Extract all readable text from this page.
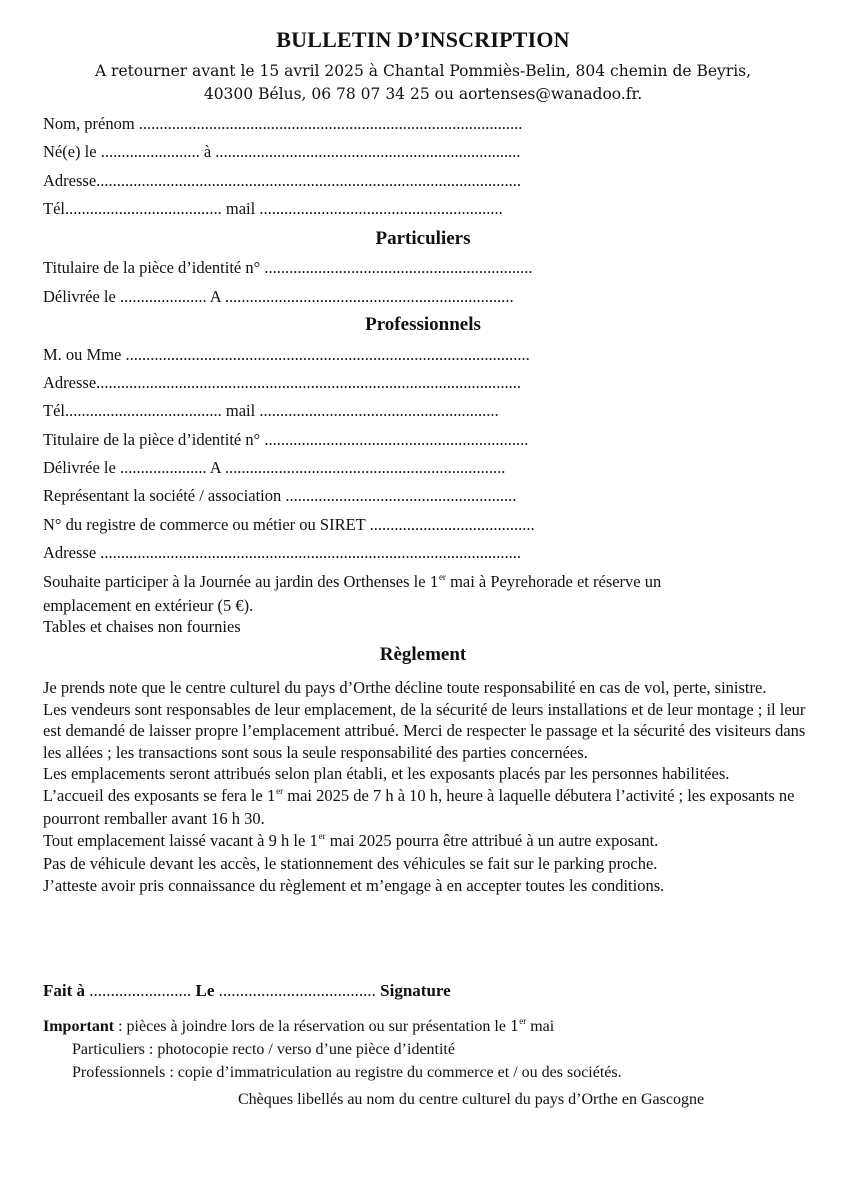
BULLETIN D’INSCRIPTION
A retourner avant le 15 avril 2025 à Chantal Pommiès-Belin, 804 chemin de Beyris,
40300 Bélus, 06 78 07 34 25 ou aortenses@wanadoo.fr.
Nom, prénom .............................................................................................
Né(e) le ........................ à ..........................................................................
Adresse.......................................................................................................
Tél...................................... mail ...........................................................
Particuliers
Titulaire de la pièce d’identité n° .................................................................
Délivrée le ..................... A ......................................................................
Professionnels
M. ou Mme ..................................................................................................
Adresse.......................................................................................................
Tél...................................... mail ..........................................................
Titulaire de la pièce d’identité n° ................................................................
Délivrée le ..................... A ....................................................................
Représentant la société / association ........................................................
N° du registre de commerce ou métier ou SIRET ........................................
Adresse ......................................................................................................

Souhaite participer à la Journée au jardin des Orthenses le 1er mai à Peyrehorade et réserve un

emplacement en extérieur (5 €).

Tables et chaises non fournies

Règlement

Je prends note que le centre culturel du pays d’Orthe décline toute responsabilité en cas de vol, perte, sinistre.

Les vendeurs sont responsables de leur emplacement, de la sécurité de leurs installations et de leur montage ; il leur est demandé de laisser propre l’emplacement attribué. Merci de respecter le passage et la sécurité des visiteurs dans les allées ; les transactions sont sous la seule responsabilité des parties concernées.

Les emplacements seront attribués selon plan établi, et les exposants placés par les personnes habilitées.

L’accueil des exposants se fera le 1er mai 2025 de 7 h à 10 h, heure à laquelle débutera l’activité ; les exposants ne pourront remballer avant 16 h 30.

Tout emplacement laissé vacant à 9 h le 1er mai 2025 pourra être attribué à un autre exposant.

Pas de véhicule devant les accès, le stationnement des véhicules se fait sur le parking proche.

J’atteste avoir pris connaissance du règlement et m’engage à en accepter toutes les conditions.

Fait à ........................ Le ..................................... Signature
Important : pièces à joindre lors de la réservation ou sur présentation le 1er mai
Particuliers : photocopie recto / verso d’une pièce d’identité
Professionnels : copie d’immatriculation au registre du commerce et / ou des sociétés.
Chèques libellés au nom du centre culturel du pays d’Orthe en Gascogne
